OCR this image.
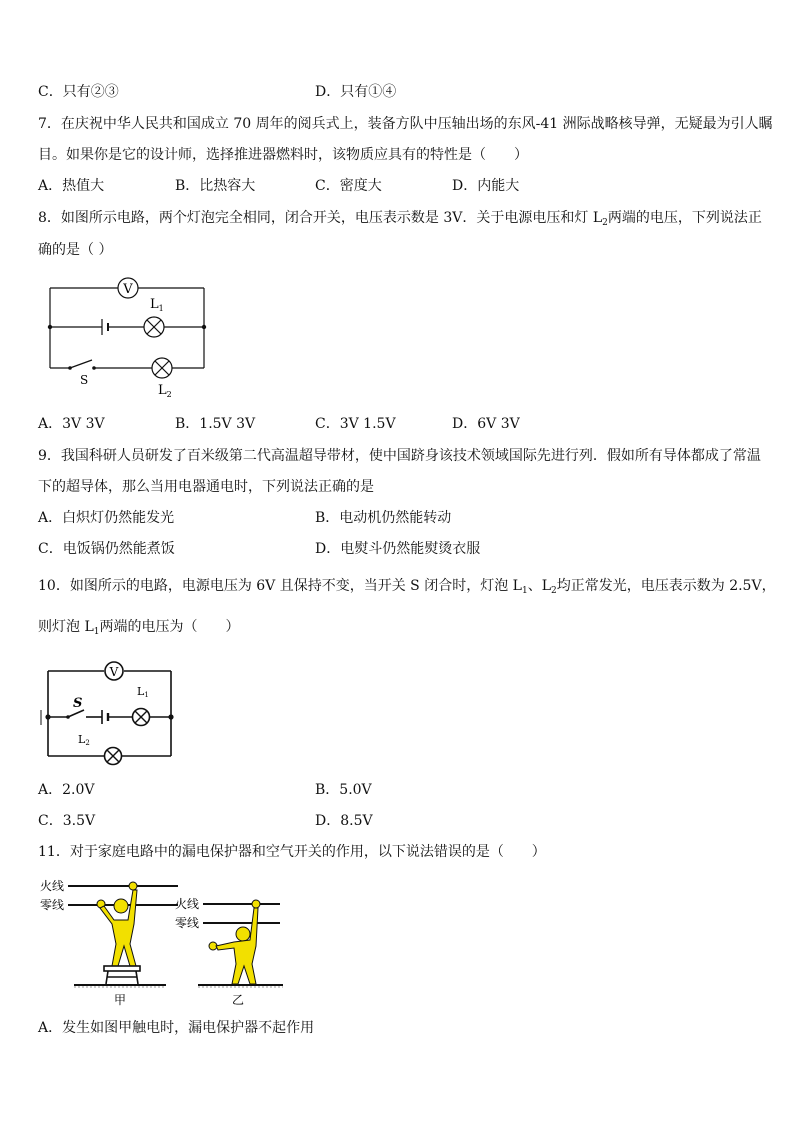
C．只有②③	D．只有①④
7．在庆祝中华人民共和国成立 70 周年的阅兵式上，装备方队中压轴出场的东风-41 洲际战略核导弹，无疑最为引人瞩
目。如果你是它的设计师，选择推进器燃料时，该物质应具有的特性是（　　）
A．热值大	B．比热容大	C．密度大	D．内能大
8．如图所示电路，两个灯泡完全相同，闭合开关，电压表示数是 3V．关于电源电压和灯 $L_2$两端的电压，下列说法正
确的是（ ）
V
$L_1$
$L_2$
S
A．3V 3V	B．1.5V 3V	C．3V 1.5V	D．6V 3V
9．我国科研人员研发了百米级第二代高温超导带材，使中国跻身该技术领域国际先进行列．假如所有导体都成了常温
下的超导体，那么当用电器通电时，下列说法正确的是
A．白炽灯仍然能发光	B．电动机仍然能转动
C．电饭锅仍然能煮饭	D．电熨斗仍然能熨烫衣服
10．如图所示的电路，电源电压为 6V 且保持不变，当开关 S 闭合时，灯泡 $L_1$、$L_2$均正常发光，电压表示数为 2.5V，
则灯泡 $L_1$两端的电压为（　　）
V
L1
L2
S
A．2.0V	B．5.0V
C．3.5V	D．8.5V
11．对于家庭电路中的漏电保护器和空气开关的作用，以下说法错误的是（　　）
火线
零线
甲
火线
零线
乙
A．发生如图甲触电时，漏电保护器不起作用
